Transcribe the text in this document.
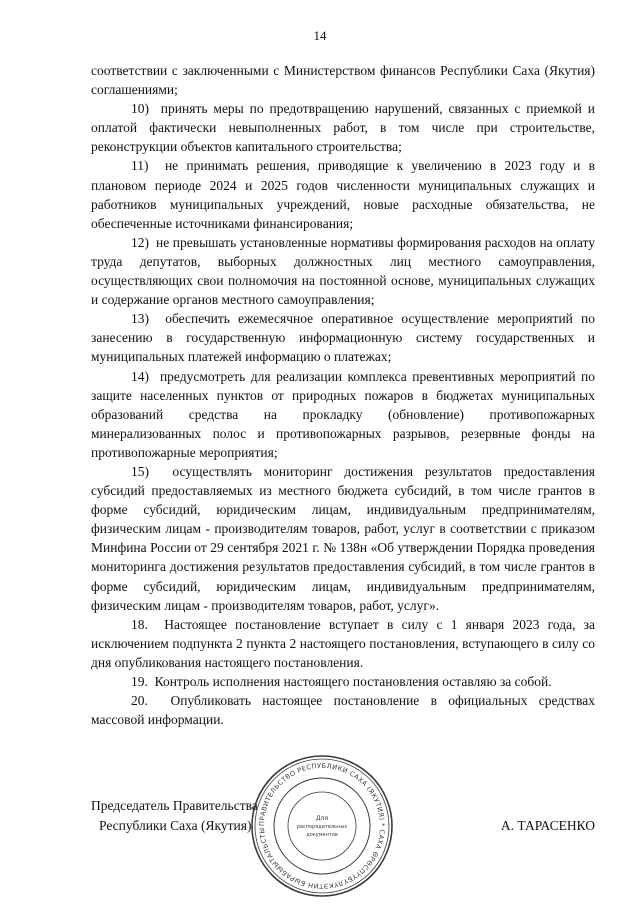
14

соответствии с заключенными с Министерством финансов Республики Саха (Якутия) соглашениями;

10)  принять меры по предотвращению нарушений, связанных с приемкой и оплатой фактически невыполненных работ, в том числе при строительстве, реконструкции объектов капитального строительства;

11)  не принимать решения, приводящие к увеличению в 2023 году и в плановом периоде 2024 и 2025 годов численности муниципальных служащих и работников муниципальных учреждений, новые расходные обязательства, не обеспеченные источниками финансирования;

12)  не превышать установленные нормативы формирования расходов на оплату труда депутатов, выборных должностных лиц местного самоуправления, осуществляющих свои полномочия на постоянной основе, муниципальных служащих и содержание органов местного самоуправления;

13)  обеспечить ежемесячное оперативное осуществление мероприятий по занесению в государственную информационную систему государственных и муниципальных платежей информацию о платежах;

14)  предусмотреть для реализации комплекса превентивных мероприятий по защите населенных пунктов от природных пожаров в бюджетах муниципальных образований средства на прокладку (обновление) противопожарных минерализованных полос и противопожарных разрывов, резервные фонды на противопожарные мероприятия;

15)  осуществлять мониторинг достижения результатов предоставления субсидий предоставляемых из местного бюджета субсидий, в том числе грантов в форме субсидий, юридическим лицам, индивидуальным предпринимателям, физическим лицам - производителям товаров, работ, услуг в соответствии с приказом Минфина России от 29 сентября 2021 г. № 138н «Об утверждении Порядка проведения мониторинга достижения результатов предоставления субсидий, в том числе грантов в форме субсидий, юридическим лицам, индивидуальным предпринимателям, физическим лицам - производителям товаров, работ, услуг».

18.  Настоящее постановление вступает в силу с 1 января 2023 года, за исключением подпункта 2 пункта 2 настоящего постановления, вступающего в силу со дня опубликования настоящего постановления.

19.  Контроль исполнения настоящего постановления оставляю за собой.

20.  Опубликовать настоящее постановление в официальных средствах массовой информации.

Председатель Правительства
Республики Саха (Якутия)	А. ТАРАСЕНКО
ПРАВИТЕЛЬСТВО РЕСПУБЛИКИ САХА (ЯКУТИЯ) * САХА ӨРӨСПҮҮБҮЛҮКЭТИН БЫРАБЫЫТАЛЬСТЫ
Для
распорядительных
документов
